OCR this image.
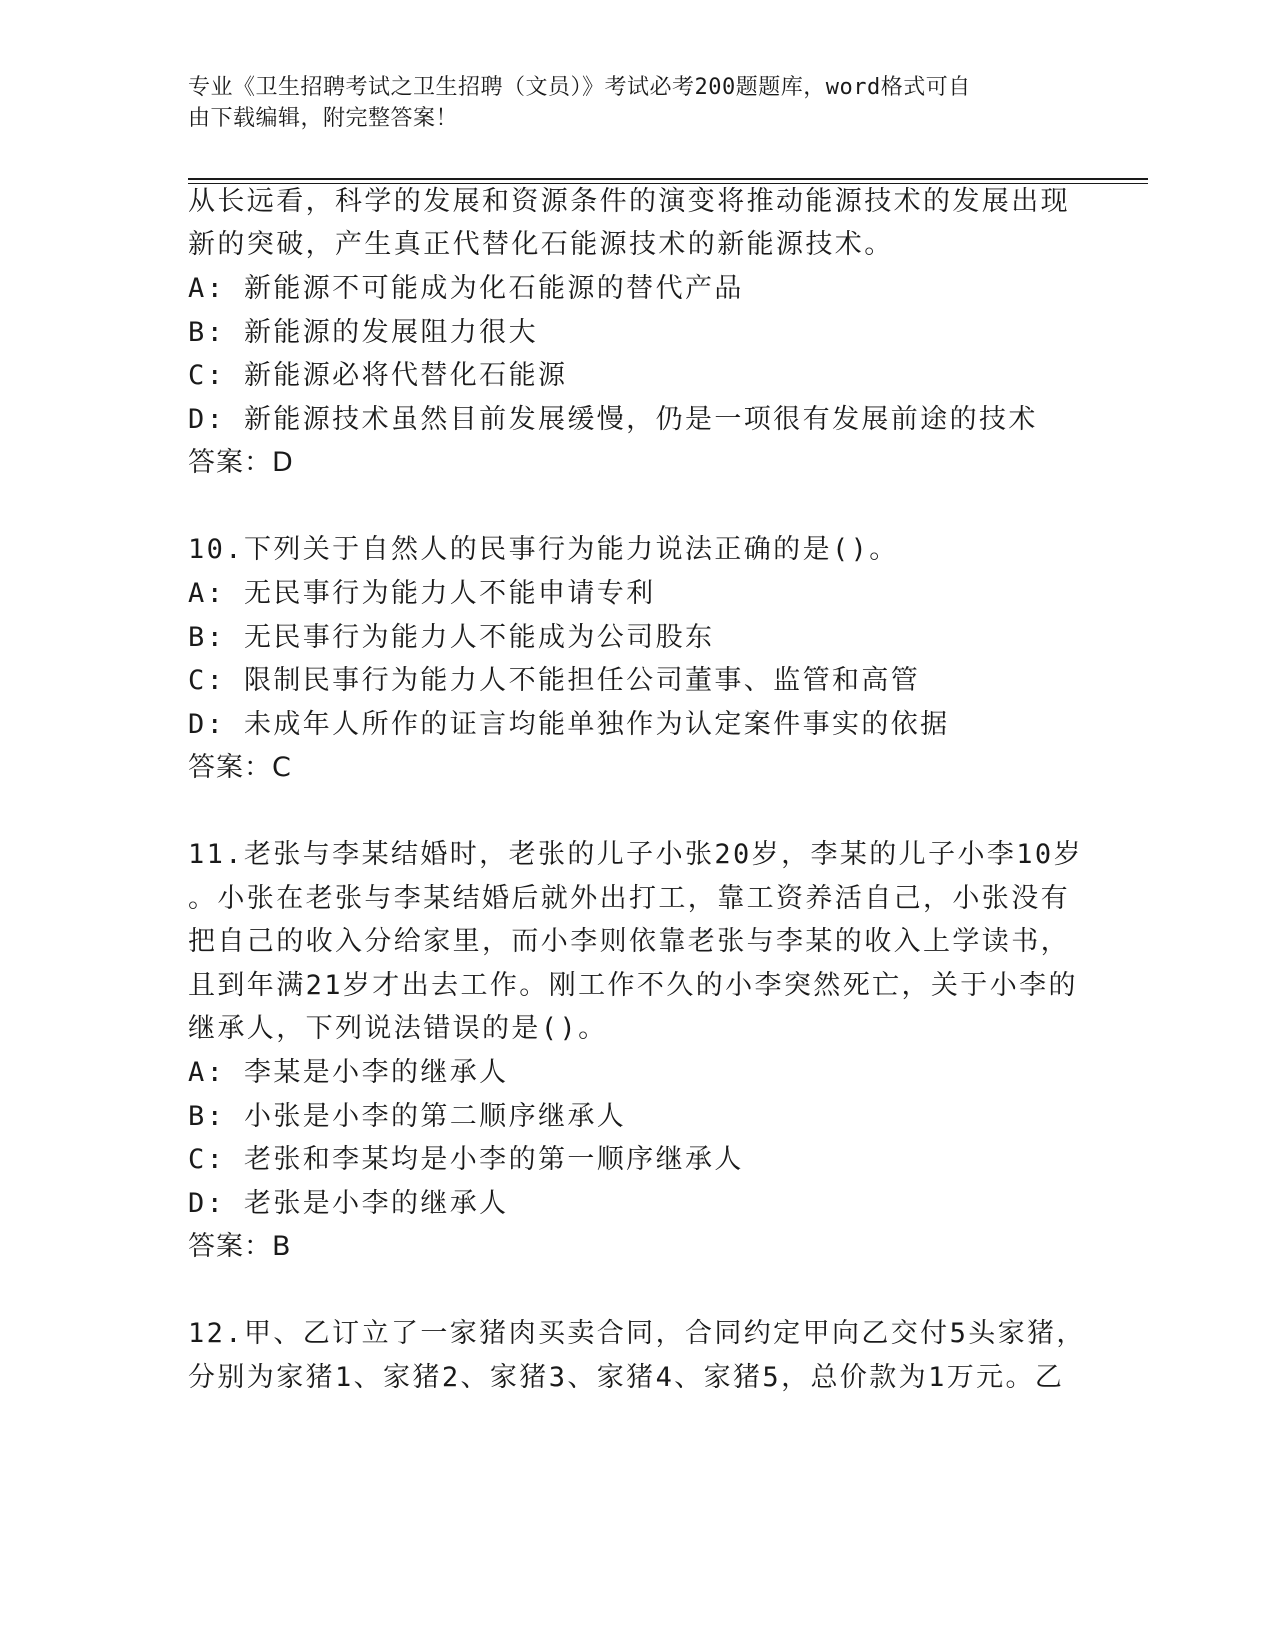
专业《卫生招聘考试之卫生招聘（文员）》考试必考200题题库，word格式可自
由下载编辑，附完整答案！
从长远看，科学的发展和资源条件的演变将推动能源技术的发展出现
新的突破，产生真正代替化石能源技术的新能源技术。
A: 新能源不可能成为化石能源的替代产品
B: 新能源的发展阻力很大
C: 新能源必将代替化石能源
D: 新能源技术虽然目前发展缓慢，仍是一项很有发展前途的技术
答案：D
10.下列关于自然人的民事行为能力说法正确的是()。
A: 无民事行为能力人不能申请专利
B: 无民事行为能力人不能成为公司股东
C: 限制民事行为能力人不能担任公司董事、监管和高管
D: 未成年人所作的证言均能单独作为认定案件事实的依据
答案：C
11.老张与李某结婚时，老张的儿子小张20岁，李某的儿子小李10岁
。小张在老张与李某结婚后就外出打工，靠工资养活自己，小张没有
把自己的收入分给家里，而小李则依靠老张与李某的收入上学读书，
且到年满21岁才出去工作。刚工作不久的小李突然死亡，关于小李的
继承人，下列说法错误的是()。
A: 李某是小李的继承人
B: 小张是小李的第二顺序继承人
C: 老张和李某均是小李的第一顺序继承人
D: 老张是小李的继承人
答案：B
12.甲、乙订立了一家猪肉买卖合同，合同约定甲向乙交付5头家猪，
分别为家猪1、家猪2、家猪3、家猪4、家猪5，总价款为1万元。乙
